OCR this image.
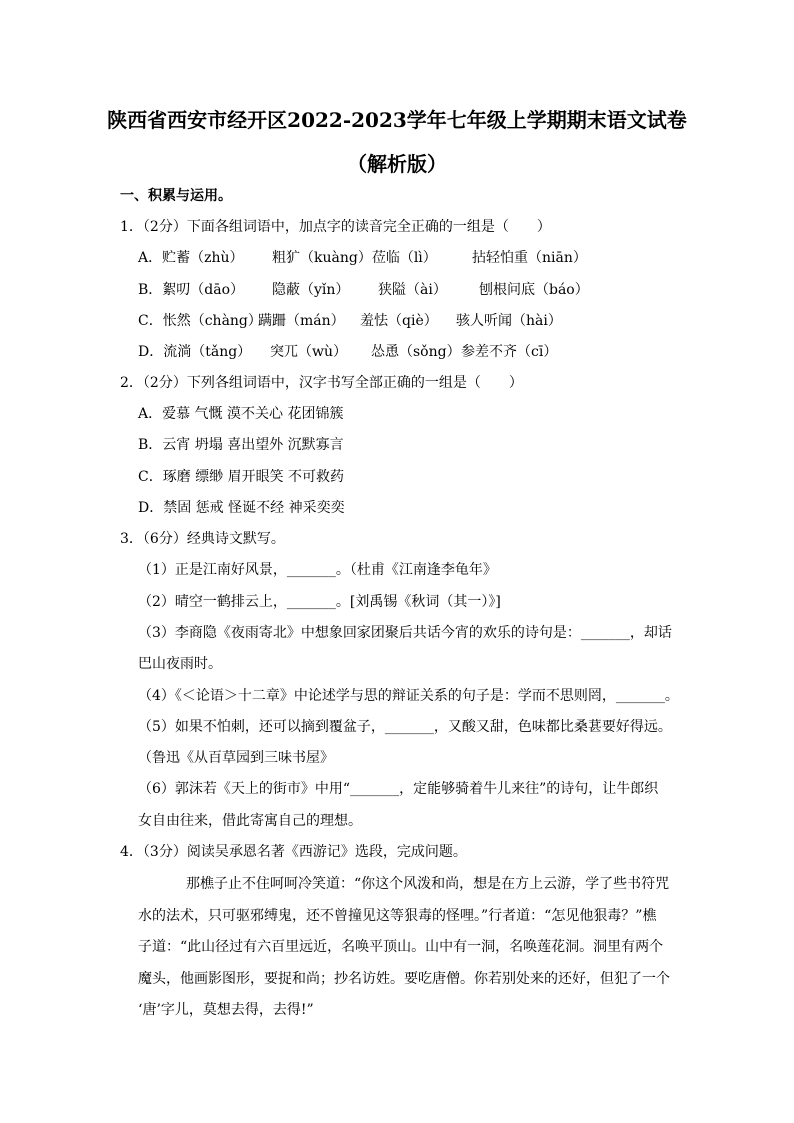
陕西省西安市经开区2022-2023学年七年级上学期期末语文试卷
（解析版）
一、积累与运用。
1．（2分）下面各组词语中，加点字的读音完全正确的一组是（　　）
A．贮蓄（zhù） 粗犷（kuàng）莅临（lì）	拈轻怕重（niān）
B．絮叨（dāo） 隐蔽（yǐn） 狭隘（ài） 刨根问底（báo）
C．怅然（chàng）
蹒跚（mán） 羞怯（qiè） 骇人听闻（hài）
D．流淌（tǎng） 突兀（wù） 怂恿（sǒng） 参差不齐（cī）
2．（2分）下列各组词语中，汉字书写全部正确的一组是（　　）
A．爱慕 气慨 漠不关心 花团锦簇
B．云宵 坍塌 喜出望外 沉默寡言
C．琢磨 缥缈 眉开眼笑 不可救药
D．禁固 惩戒 怪诞不经 神采奕奕
3．（6分）经典诗文默写。
（1）正是江南好风景，_______。（杜甫《江南逢李龟年》
（2）晴空一鹤排云上，_______。[刘禹锡《秋词（其一）》]
（3）李商隐《夜雨寄北》中想象回家团聚后共话今宵的欢乐的诗句是：_______，却话
巴山夜雨时。
（4）《＜论语＞十二章》中论述学与思的辩证关系的句子是：学而不思则罔，_______。
（5）如果不怕刺，还可以摘到覆盆子，_______，又酸又甜，色味都比桑葚要好得远。
（鲁迅《从百草园到三味书屋》
（6）郭沫若《天上的街市》中用“_______，定能够骑着牛儿来往”的诗句，让牛郎织
女自由往来，借此寄寓自己的理想。
4．（3分）阅读吴承恩名著《西游记》选段，完成问题。
那樵子止不住呵呵冷笑道：“你这个风泼和尚，想是在方上云游，学了些书符咒
水的法术，只可驱邪缚鬼，还不曾撞见这等狠毒的怪哩。”行者道：“怎见他狠毒？”樵
子道：“此山径过有六百里远近，名唤平顶山。山中有一洞，名唤莲花洞。洞里有两个
魔头，他画影图形，要捉和尚；抄名访姓。要吃唐僧。你若别处来的还好，但犯了一个
‘唐’字儿，莫想去得，去得!”
